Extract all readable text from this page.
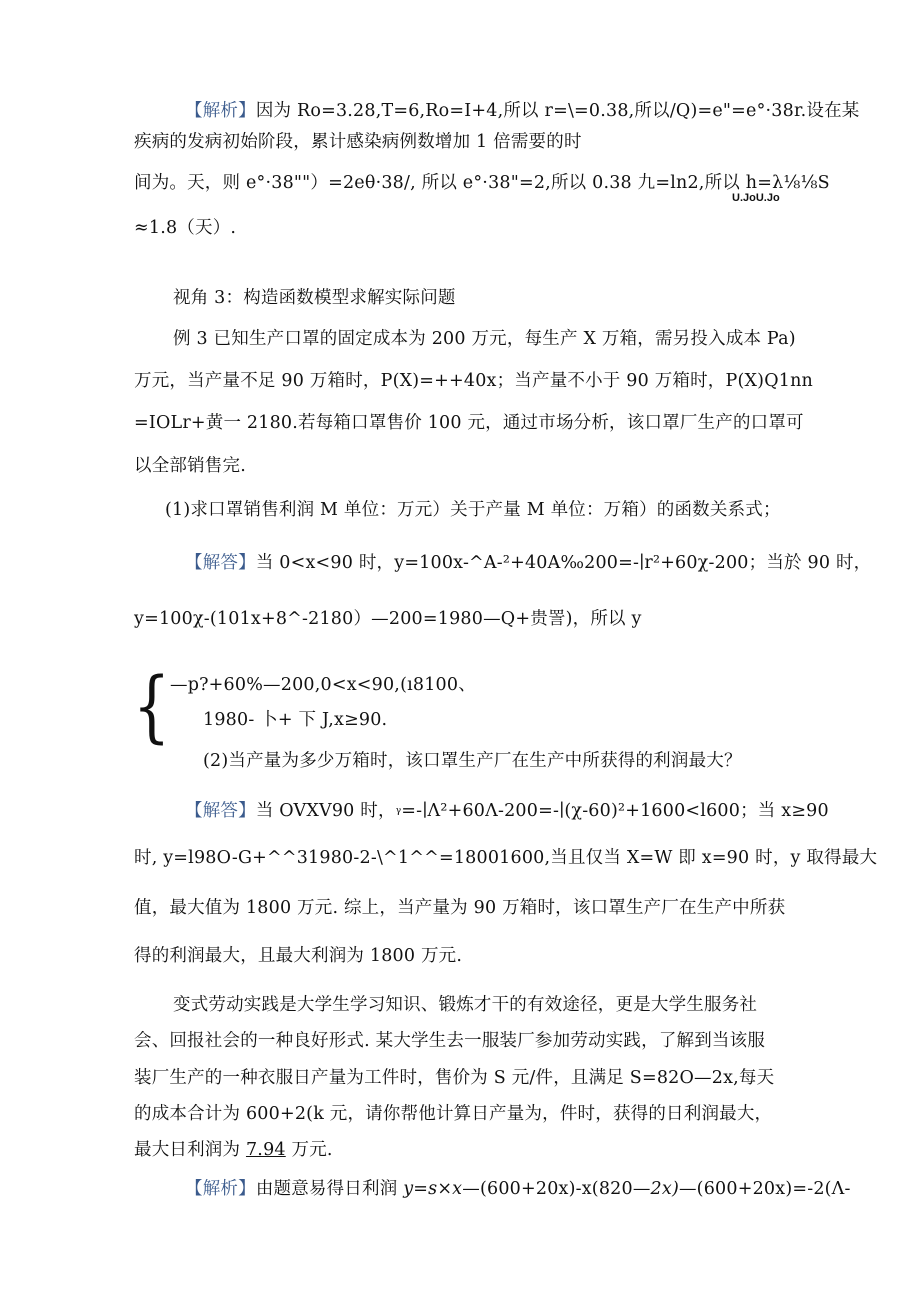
【解析】因为 Ro=3.28,T=6,Ro=I+4,所以 r=\=0.38,所以/Q)=e"=e°·38r.设在某
疾病的发病初始阶段，累计感染病例数增加 1 倍需要的时
间为。天，则 e°·38""）=2eθ·38/, 所以 e°·38"=2,所以 0.38 九=ln2,所以 h=λ⅛⅛S
U.JoU.Jo
≈1.8（天）.
视角 3：构造函数模型求解实际问题
例 3 已知生产口罩的固定成本为 200 万元，每生产 X 万箱，需另投入成本 Pa)
万元，当产量不足 90 万箱时，P(X)=++40x；当产量不小于 90 万箱时，P(X)Q1nn
=IOLr+黄一 2180.若每箱口罩售价 100 元，通过市场分析，该口罩厂生产的口罩可
以全部销售完.
(1)求口罩销售利润 M 单位：万元）关于产量 M 单位：万箱）的函数关系式；
【解答】当 0<x<90 时，y=100x-^A-²+40A‰200=-∣r²+60χ-200；当於 90 时，
y=100χ-(101x+8^-2180）—200=1980—Q+贵詈)，所以 y
{ —p?+60%—200,0<x<90,(ı8100、
1980- 卜+ 下 J,x≥90.
(2)当产量为多少万箱时，该口罩生产厂在生产中所获得的利润最大？
【解答】当 OVXV90 时，γ=-∣Λ²+60Λ-200=-∣(χ-60)²+1600<l600；当 x≥90
时, y=l98O-G+^^31980-2-\^1^^=18001600,当且仅当 X=W 即 x=90 时，y 取得最大
值，最大值为 1800 万元. 综上，当产量为 90 万箱时，该口罩生产厂在生产中所获
得的利润最大，且最大利润为 1800 万元.
变式劳动实践是大学生学习知识、锻炼才干的有效途径，更是大学生服务社
会、回报社会的一种良好形式. 某大学生去一服装厂参加劳动实践，了解到当该服
装厂生产的一种衣服日产量为工件时，售价为 S 元/件，且满足 S=82O—2x,每天
的成本合计为 600+2(k 元，请你帮他计算日产量为，件时，获得的日利润最大，
最大日利润为 7.94 万元.
【解析】由题意易得日利润 y=s×x—(600+20x)-x(820—2x)—(600+20x)=-2(Λ-
